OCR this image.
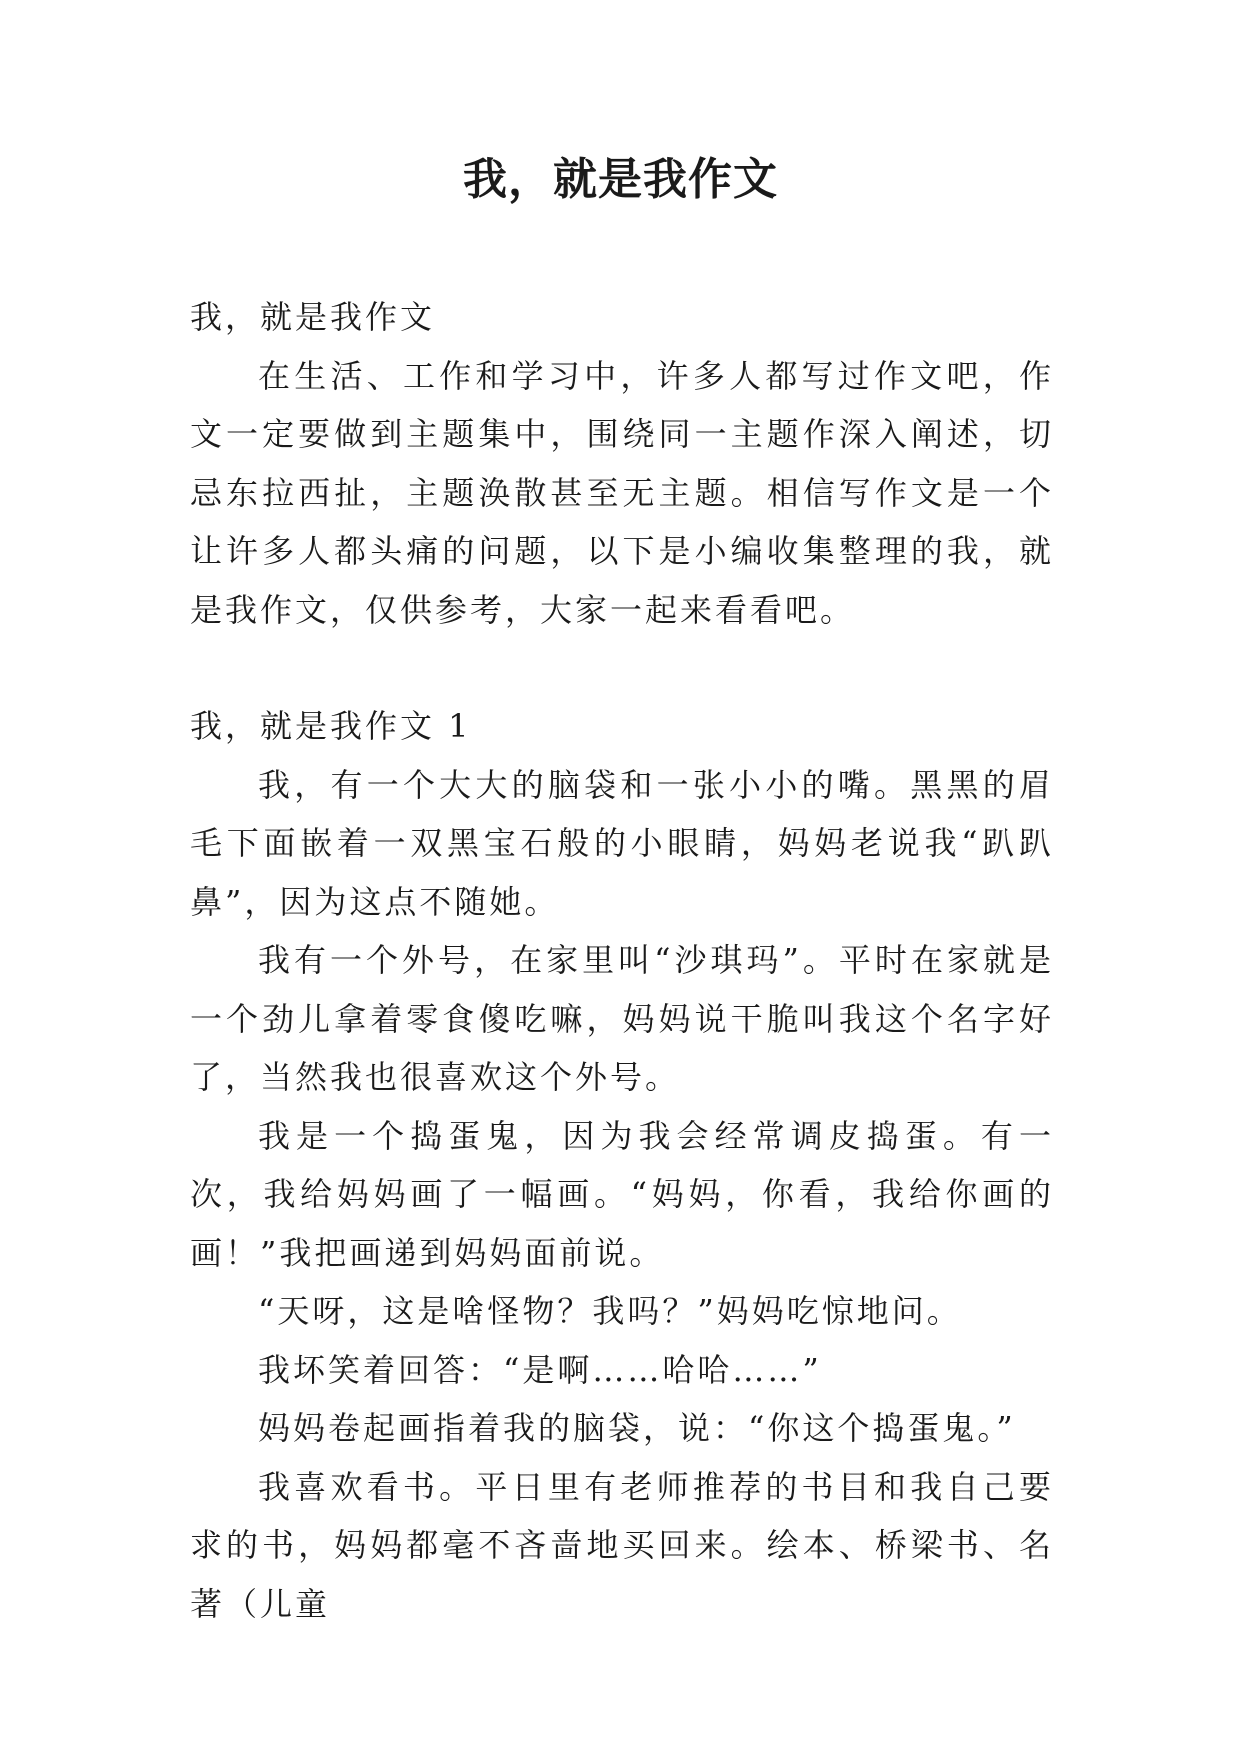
我，就是我作文

我，就是我作文

在生活、工作和学习中，许多人都写过作文吧，作文一定要做到主题集中，围绕同一主题作深入阐述，切忌东拉西扯，主题涣散甚至无主题。相信写作文是一个让许多人都头痛的问题，以下是小编收集整理的我，就是我作文，仅供参考，大家一起来看看吧。

我，就是我作文 1

我，有一个大大的脑袋和一张小小的嘴。黑黑的眉毛下面嵌着一双黑宝石般的小眼睛，妈妈老说我“趴趴鼻”，因为这点不随她。

我有一个外号，在家里叫“沙琪玛”。平时在家就是一个劲儿拿着零食傻吃嘛，妈妈说干脆叫我这个名字好了，当然我也很喜欢这个外号。

我是一个捣蛋鬼，因为我会经常调皮捣蛋。有一次，我给妈妈画了一幅画。“妈妈，你看，我给你画的画！”我把画递到妈妈面前说。

“天呀，这是啥怪物？我吗？”妈妈吃惊地问。

我坏笑着回答：“是啊……哈哈……”

妈妈卷起画指着我的脑袋，说：“你这个捣蛋鬼。”

我喜欢看书。平日里有老师推荐的书目和我自己要求的书，妈妈都毫不吝啬地买回来。绘本、桥梁书、名著（儿童
